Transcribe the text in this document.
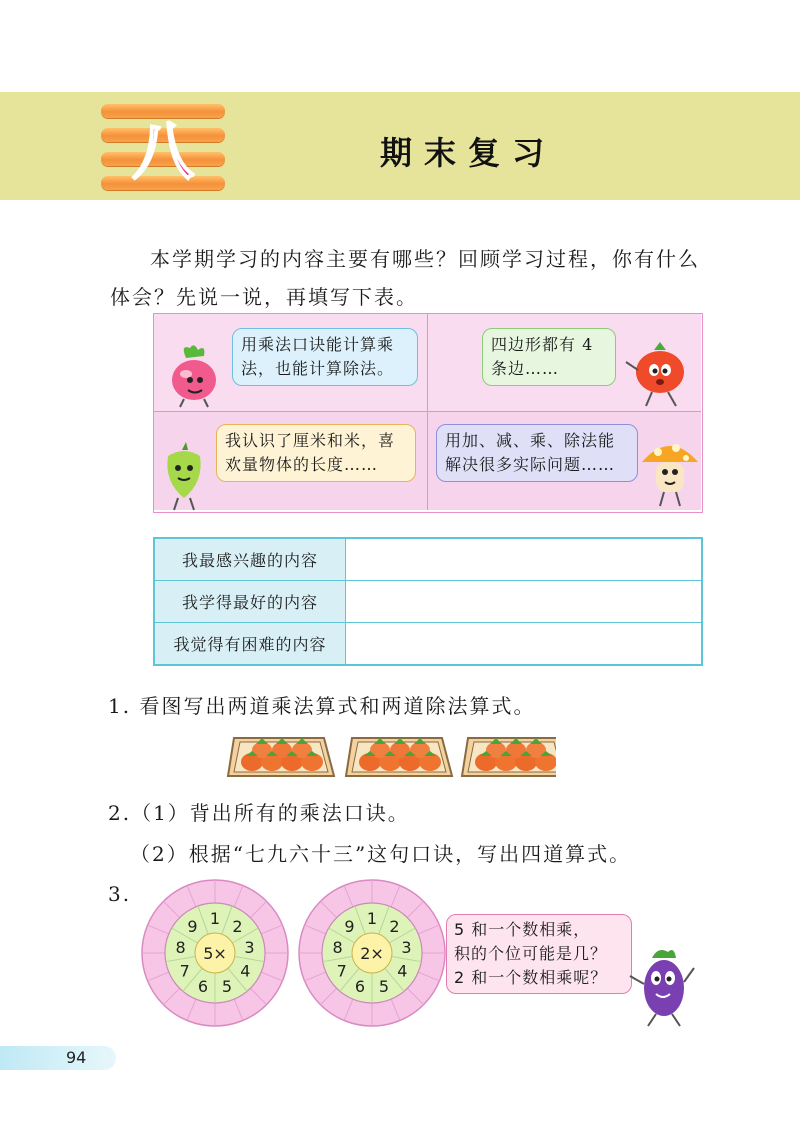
八	期末复习
本学期学习的内容主要有哪些？回顾学习过程，你有什么体会？先说一说，再填写下表。
用乘法口诀能计算乘法，也能计算除法。
四边形都有 4 条边……
我认识了厘米和米，喜欢量物体的长度……
用加、减、乘、除法能解决很多实际问题……
我最感兴趣的内容	
我学得最好的内容	
我觉得有困难的内容	
1. 看图写出两道乘法算式和两道除法算式。
2.（1）背出所有的乘法口诀。
（2）根据“七九六十三”这句口诀，写出四道算式。
3.
1 2
3
4
5
6
7
8
9
5×
1 2
3
4
5
6
7
8
9
2×
5 和一个数相乘，
积的个位可能是几？
2 和一个数相乘呢？
94
